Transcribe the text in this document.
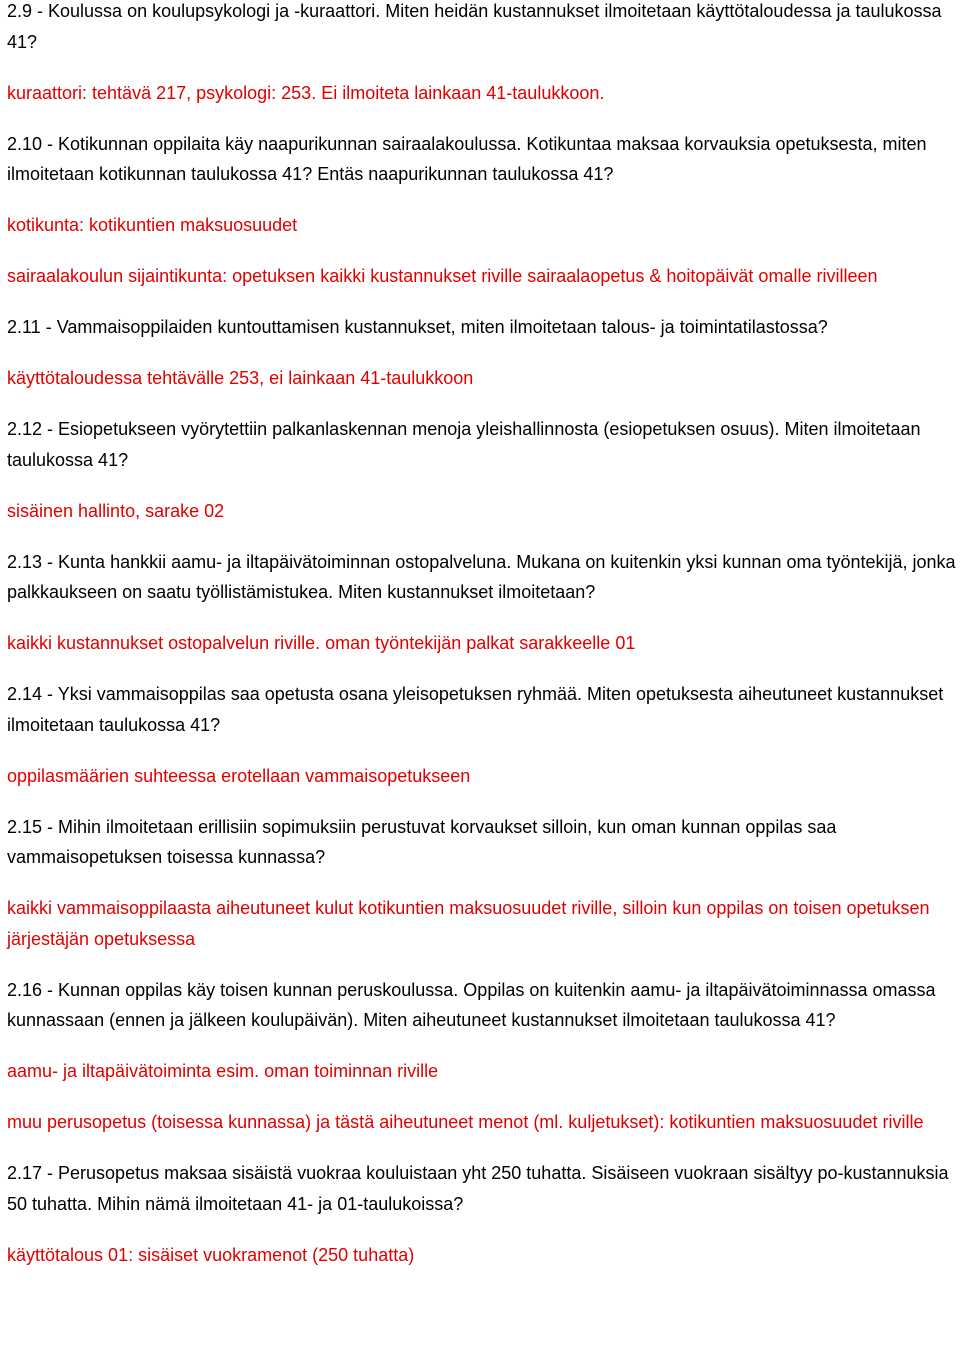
2.9 - Koulussa on koulupsykologi ja -kuraattori. Miten heidän kustannukset ilmoitetaan käyttötaloudessa ja taulukossa 41?

kuraattori: tehtävä 217, psykologi: 253. Ei ilmoiteta lainkaan 41-taulukkoon.

2.10 - Kotikunnan oppilaita käy naapurikunnan sairaalakoulussa. Kotikuntaa maksaa korvauksia opetuksesta, miten ilmoitetaan kotikunnan taulukossa 41? Entäs naapurikunnan taulukossa 41?

kotikunta: kotikuntien maksuosuudet

sairaalakoulun sijaintikunta: opetuksen kaikki kustannukset riville sairaalaopetus & hoitopäivät omalle rivilleen

2.11 - Vammaisoppilaiden kuntouttamisen kustannukset, miten ilmoitetaan talous- ja toimintatilastossa?

käyttötaloudessa tehtävälle 253, ei lainkaan 41-taulukkoon

2.12 - Esiopetukseen vyörytettiin palkanlaskennan menoja yleishallinnosta (esiopetuksen osuus). Miten ilmoitetaan taulukossa 41?

sisäinen hallinto, sarake 02

2.13 - Kunta hankkii aamu- ja iltapäivätoiminnan ostopalveluna. Mukana on kuitenkin yksi kunnan oma työntekijä, jonka palkkaukseen on saatu työllistämistukea. Miten kustannukset ilmoitetaan?

kaikki kustannukset ostopalvelun riville. oman työntekijän palkat sarakkeelle 01

2.14 - Yksi vammaisoppilas saa opetusta osana yleisopetuksen ryhmää. Miten opetuksesta aiheutuneet kustannukset ilmoitetaan taulukossa 41?

oppilasmäärien suhteessa erotellaan vammaisopetukseen

2.15 - Mihin ilmoitetaan erillisiin sopimuksiin perustuvat korvaukset silloin, kun oman kunnan oppilas saa vammaisopetuksen toisessa kunnassa?

kaikki vammaisoppilaasta aiheutuneet kulut kotikuntien maksuosuudet riville, silloin kun oppilas on toisen opetuksen järjestäjän opetuksessa

2.16 - Kunnan oppilas käy toisen kunnan peruskoulussa. Oppilas on kuitenkin aamu- ja iltapäivätoiminnassa omassa kunnassaan (ennen ja jälkeen koulupäivän). Miten aiheutuneet kustannukset ilmoitetaan taulukossa 41?

aamu- ja iltapäivätoiminta esim. oman toiminnan riville

muu perusopetus (toisessa kunnassa) ja tästä aiheutuneet menot (ml. kuljetukset): kotikuntien maksuosuudet riville

2.17 - Perusopetus maksaa sisäistä vuokraa kouluistaan yht 250 tuhatta. Sisäiseen vuokraan sisältyy po-kustannuksia 50 tuhatta. Mihin nämä ilmoitetaan 41- ja 01-taulukoissa?

käyttötalous 01: sisäiset vuokramenot (250 tuhatta)
